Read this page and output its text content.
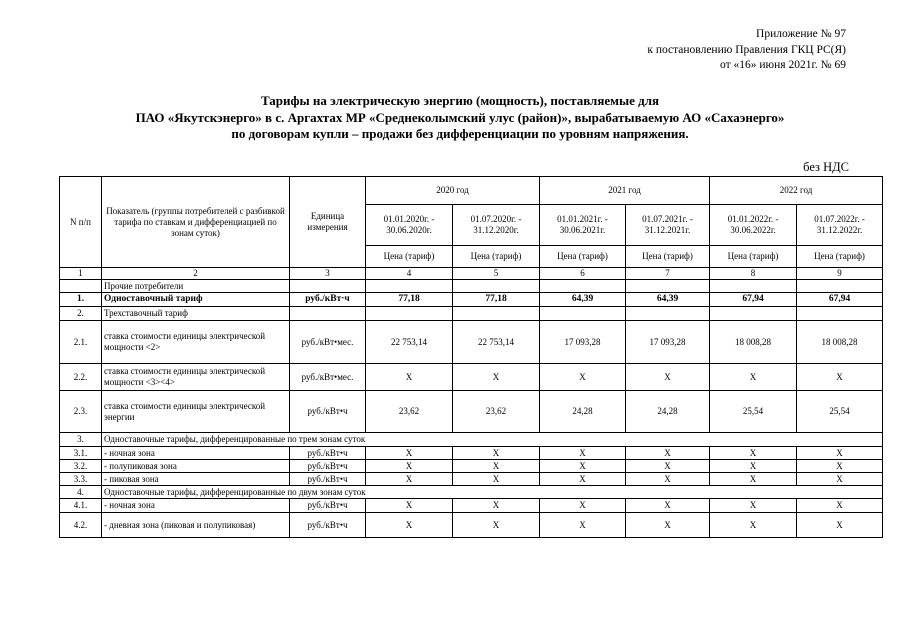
Приложение № 97
к постановлению Правления ГКЦ РС(Я)
от «16» июня 2021г. № 69
Тарифы на электрическую энергию (мощность), поставляемые для
ПАО «Якутскэнерго» в с. Аргахтах МР «Среднеколымский улус (район)», вырабатываемую АО «Сахаэнерго»
по договорам купли – продажи без дифференциации по уровням напряжения.
без НДС
N п/п	Показатель (группы потребителей с разбивкой тарифа по ставкам и дифференциацией по зонам суток)	Единица измерения	2020 год		2021 год		2022 год	
			01.01.2020г. - 30.06.2020г.	01.07.2020г. - 31.12.2020г.	01.01.2021г. - 30.06.2021г.	01.07.2021г. - 31.12.2021г.	01.01.2022г. - 30.06.2022г.	01.07.2022г. - 31.12.2022г.
			Цена (тариф)	Цена (тариф)	Цена (тариф)	Цена (тариф)	Цена (тариф)	Цена (тариф)
1	2	3	4	5	6	7	8	9
	Прочие потребители							
1.	Одноставочный тариф	руб./кВт·ч	77,18	77,18	64,39	64,39	67,94	67,94
2.	Трехставочный тариф							
2.1.	ставка стоимости единицы электрической мощности <2>	руб./кВт•мес.	22 753,14	22 753,14	17 093,28	17 093,28	18 008,28	18 008,28
2.2.	ставка стоимости единицы электрической мощности <3><4>	руб./кВт•мес.	X	X	X	X	X	X
2.3.	ставка стоимости единицы электрической энергии	руб./кВт•ч	23,62	23,62	24,28	24,28	25,54	25,54
3.	Одноставочные тарифы, дифференцированные по трем зонам суток							
3.1.	- ночная зона	руб./кВт•ч	X	X	X	X	X	X
3.2.	- полупиковая зона	руб./кВт•ч	X	X	X	X	X	X
3.3.	- пиковая зона	руб./кВт•ч	X	X	X	X	X	X
4.	Одноставочные тарифы, дифференцированные по двум зонам суток							
4.1.	- ночная зона	руб./кВт•ч	X	X	X	X	X	X
4.2.	- дневная зона (пиковая и полупиковая)	руб./кВт•ч	X	X	X	X	X	X
